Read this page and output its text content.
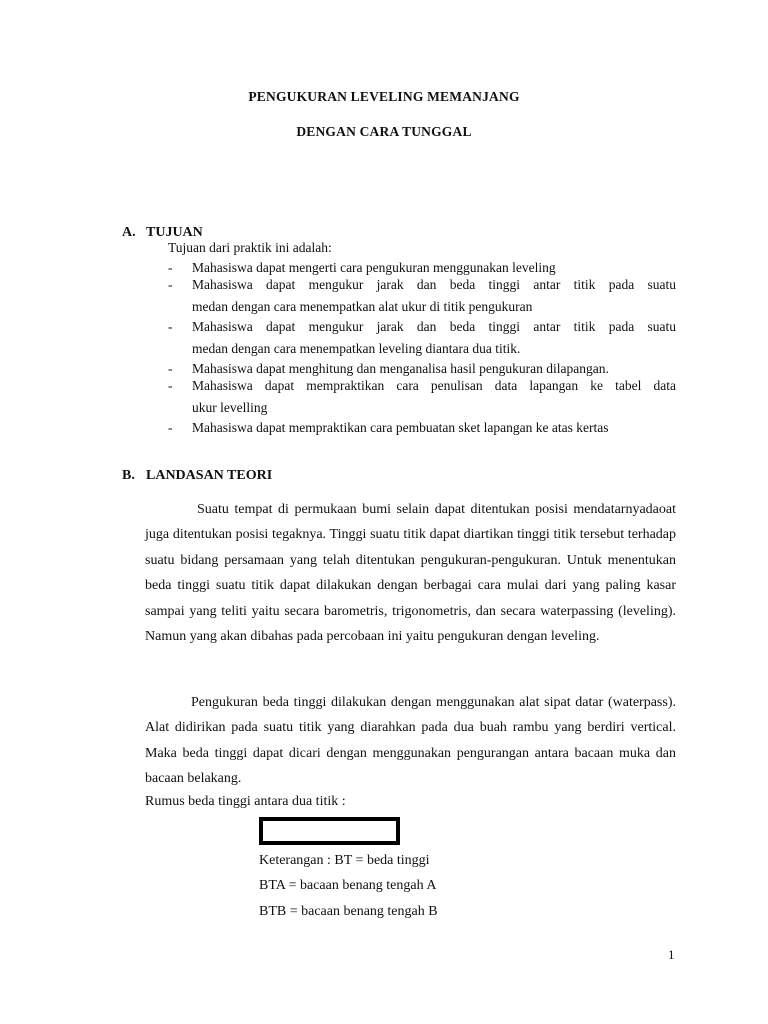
PENGUKURAN LEVELING MEMANJANG
DENGAN CARA TUNGGAL
A. TUJUAN
Tujuan dari praktik ini adalah:
- Mahasiswa dapat mengerti cara pengukuran menggunakan leveling
- Mahasiswa dapat mengukur jarak dan beda tinggi antar titik pada suatu
medan dengan cara menempatkan alat ukur di titik pengukuran
- Mahasiswa dapat mengukur jarak dan beda tinggi antar titik pada suatu
medan dengan cara menempatkan leveling diantara dua titik.
- Mahasiswa dapat menghitung dan menganalisa hasil pengukuran dilapangan.
- Mahasiswa dapat mempraktikan cara penulisan data lapangan ke tabel data
ukur levelling
- Mahasiswa dapat mempraktikan cara pembuatan sket lapangan ke atas kertas
B. LANDASAN TEORI

Suatu tempat di permukaan bumi selain dapat ditentukan posisi mendatarnyadaoat juga ditentukan posisi tegaknya. Tinggi suatu titik dapat diartikan tinggi titik tersebut terhadap suatu bidang persamaan yang telah ditentukan pengukuran-pengukuran. Untuk menentukan beda tinggi suatu titik dapat dilakukan dengan berbagai cara mulai dari yang paling kasar sampai yang teliti yaitu secara barometris, trigonometris, dan secara waterpassing (leveling). Namun yang akan dibahas pada percobaan ini yaitu pengukuran dengan leveling.

Pengukuran beda tinggi dilakukan dengan menggunakan alat sipat datar (waterpass). Alat didirikan pada suatu titik yang diarahkan pada dua buah rambu yang berdiri vertical. Maka beda tinggi dapat dicari dengan menggunakan pengurangan antara bacaan muka dan bacaan belakang.

Rumus beda tinggi antara dua titik :
Keterangan : BT = beda tinggi
BTA = bacaan benang tengah A
BTB = bacaan benang tengah B
1
